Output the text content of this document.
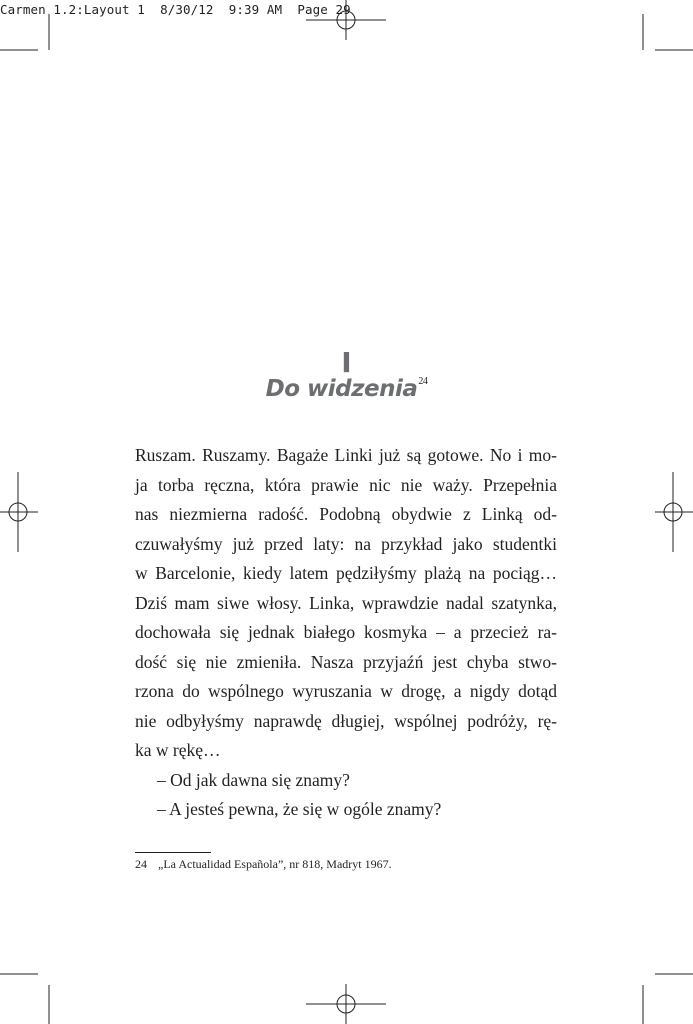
Carmen 1.2:Layout 1  8/30/12  9:39 AM  Page 29
I
Do widzenia$^{24}$
Ruszam. Ruszamy. Bagaże Linki już są gotowe. No i mo-
ja torba ręczna, która prawie nic nie waży. Przepełnia
nas niezmierna radość. Podobną obydwie z Linką od-
czuwałyśmy już przed laty: na przykład jako studentki
w Barcelonie, kiedy latem pędziłyśmy plażą na pociąg…
Dziś mam siwe włosy. Linka, wprawdzie nadal szatynka,
dochowała się jednak białego kosmyka – a przecież ra-
dość się nie zmieniła. Nasza przyjaźń jest chyba stwo-
rzona do wspólnego wyruszania w drogę, a nigdy dotąd
nie odbyłyśmy naprawdę długiej, wspólnej podróży, rę-
ka w rękę…
– Od jak dawna się znamy?
– A jesteś pewna, że się w ogóle znamy?
24 „La Actualidad Española”, nr 818, Madryt 1967.
